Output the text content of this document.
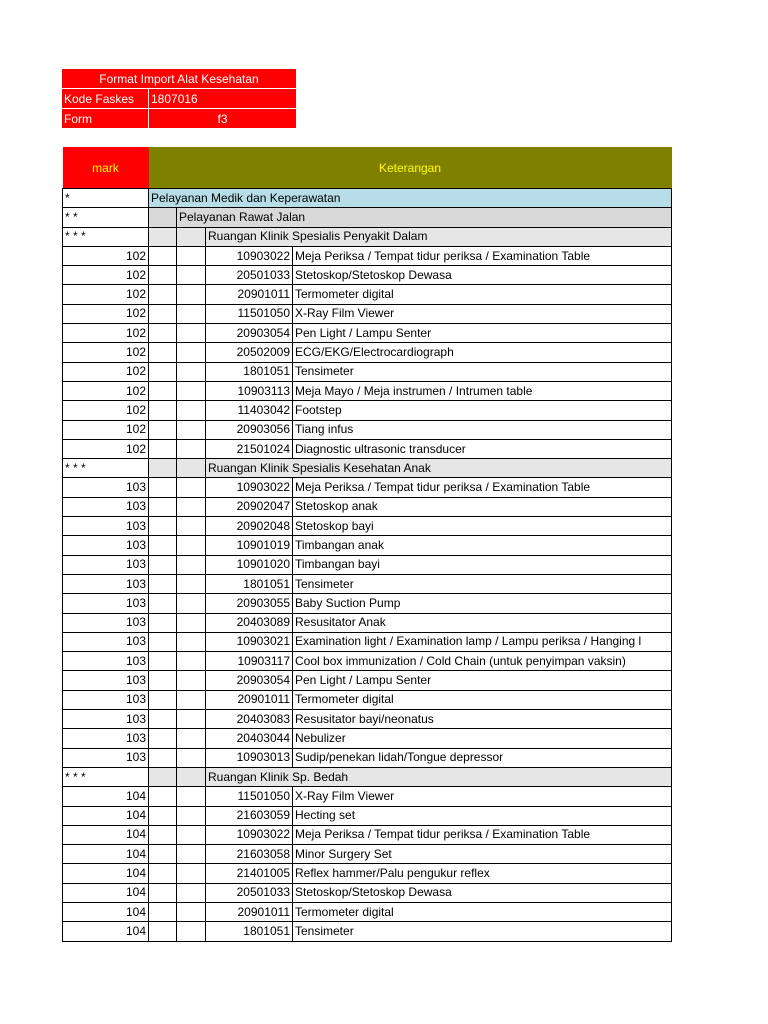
Format Import Alat Kesehatan	
Kode Faskes	1807016
Form	f3
mark	Keterangan			
*	Pelayanan Medik dan Keperawatan			
* *		Pelayanan Rawat Jalan		
* * *			Ruangan Klinik Spesialis Penyakit Dalam	
102			10903022	Meja Periksa / Tempat tidur periksa / Examination Table
102			20501033	Stetoskop/Stetoskop Dewasa
102			20901011	Termometer digital
102			11501050	X-Ray Film Viewer
102			20903054	Pen Light / Lampu Senter
102			20502009	ECG/EKG/Electrocardiograph
102			1801051	Tensimeter
102			10903113	Meja Mayo / Meja instrumen / Intrumen table
102			11403042	Footstep
102			20903056	Tiang infus
102			21501024	Diagnostic ultrasonic transducer
* * *			Ruangan Klinik Spesialis Kesehatan Anak	
103			10903022	Meja Periksa / Tempat tidur periksa / Examination Table
103			20902047	Stetoskop anak
103			20902048	Stetoskop bayi
103			10901019	Timbangan anak
103			10901020	Timbangan bayi
103			1801051	Tensimeter
103			20903055	Baby Suction Pump
103			20403089	Resusitator Anak
103			10903021	Examination light / Examination lamp / Lampu periksa / Hanging l
103			10903117	Cool box immunization / Cold Chain (untuk penyimpan vaksin)
103			20903054	Pen Light / Lampu Senter
103			20901011	Termometer digital
103			20403083	Resusitator bayi/neonatus
103			20403044	Nebulizer
103			10903013	Sudip/penekan lidah/Tongue depressor
* * *			Ruangan Klinik Sp. Bedah	
104			11501050	X-Ray Film Viewer
104			21603059	Hecting set
104			10903022	Meja Periksa / Tempat tidur periksa / Examination Table
104			21603058	Minor Surgery Set
104			21401005	Reflex hammer/Palu pengukur reflex
104			20501033	Stetoskop/Stetoskop Dewasa
104			20901011	Termometer digital
104			1801051	Tensimeter
